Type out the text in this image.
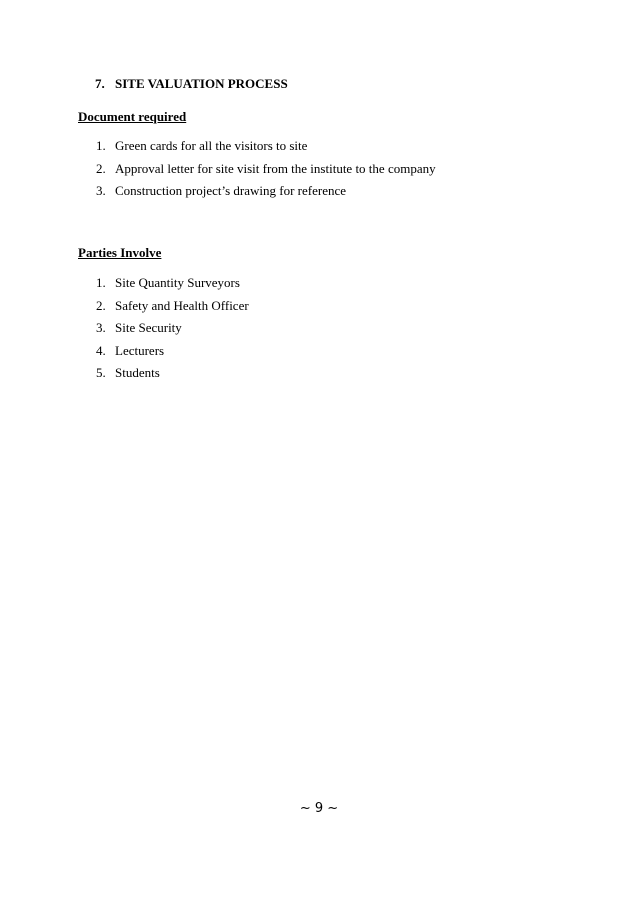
7. SITE VALUATION PROCESS
Document required
1. Green cards for all the visitors to site
2. Approval letter for site visit from the institute to the company
3. Construction project’s drawing for reference
Parties Involve
1. Site Quantity Surveyors
2. Safety and Health Officer
3. Site Security
4. Lecturers
5. Students
~ 9 ~
